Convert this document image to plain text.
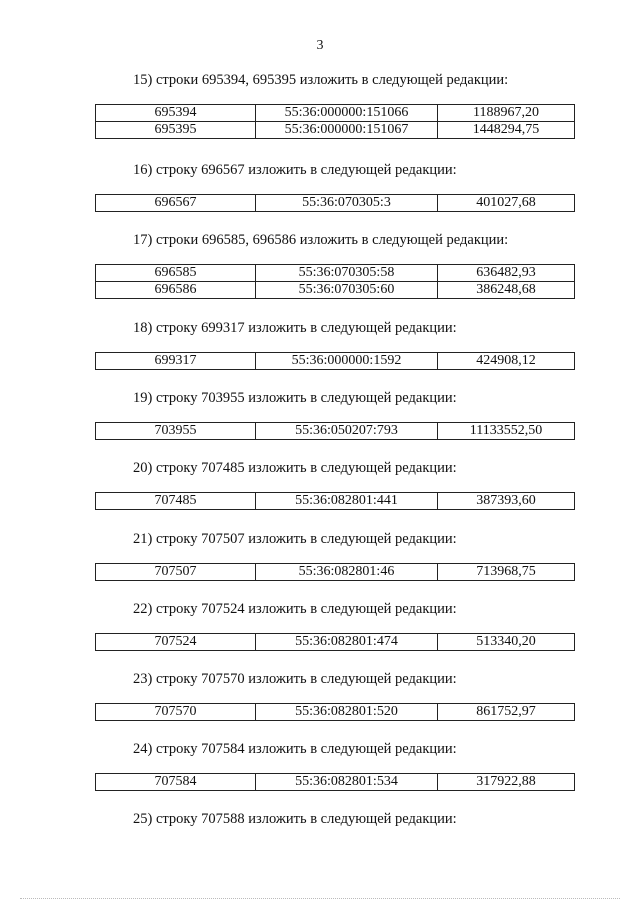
3
15) строки 695394, 695395 изложить в следующей редакции:
695394	55:36:000000:151066	1188967,20
695395	55:36:000000:151067	1448294,75
16) строку 696567 изложить в следующей редакции:
696567	55:36:070305:3	401027,68
17) строки 696585, 696586 изложить в следующей редакции:
696585	55:36:070305:58	636482,93
696586	55:36:070305:60	386248,68
18) строку 699317 изложить в следующей редакции:
699317	55:36:000000:1592	424908,12
19) строку 703955 изложить в следующей редакции:
703955	55:36:050207:793	11133552,50
20) строку 707485 изложить в следующей редакции:
707485	55:36:082801:441	387393,60
21) строку 707507 изложить в следующей редакции:
707507	55:36:082801:46	713968,75
22) строку 707524 изложить в следующей редакции:
707524	55:36:082801:474	513340,20
23) строку 707570 изложить в следующей редакции:
707570	55:36:082801:520	861752,97
24) строку 707584 изложить в следующей редакции:
707584	55:36:082801:534	317922,88
25) строку 707588 изложить в следующей редакции:
